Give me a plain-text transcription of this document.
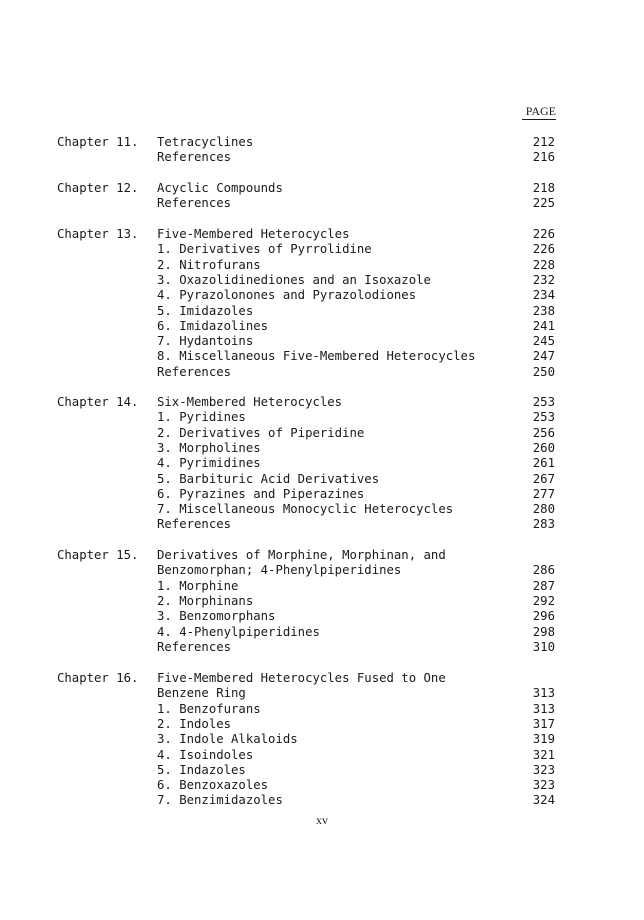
PAGE
Chapter 11. Tetracyclines	212
References	216
Chapter 12. Acyclic Compounds	218
References	225
Chapter 13. Five-Membered Heterocycles	226
1. Derivatives of Pyrrolidine	226
2. Nitrofurans	228
3. Oxazolidinediones and an Isoxazole	232
4. Pyrazolonones and Pyrazolodiones	234
5. Imidazoles	238
6. Imidazolines	241
7. Hydantoins	245
8. Miscellaneous Five-Membered Heterocycles	247
References	250
Chapter 14. Six-Membered Heterocycles	253
1. Pyridines	253
2. Derivatives of Piperidine	256
3. Morpholines	260
4. Pyrimidines	261
5. Barbituric Acid Derivatives	267
6. Pyrazines and Piperazines	277
7. Miscellaneous Monocyclic Heterocycles	280
References	283
Chapter 15. Derivatives of Morphine, Morphinan, and
Benzomorphan; 4-Phenylpiperidines	286
1. Morphine	287
2. Morphinans	292
3. Benzomorphans	296
4. 4-Phenylpiperidines	298
References	310
Chapter 16. Five-Membered Heterocycles Fused to One
Benzene Ring	313
1. Benzofurans	313
2. Indoles	317
3. Indole Alkaloids	319
4. Isoindoles	321
5. Indazoles	323
6. Benzoxazoles	323
7. Benzimidazoles	324
xv
